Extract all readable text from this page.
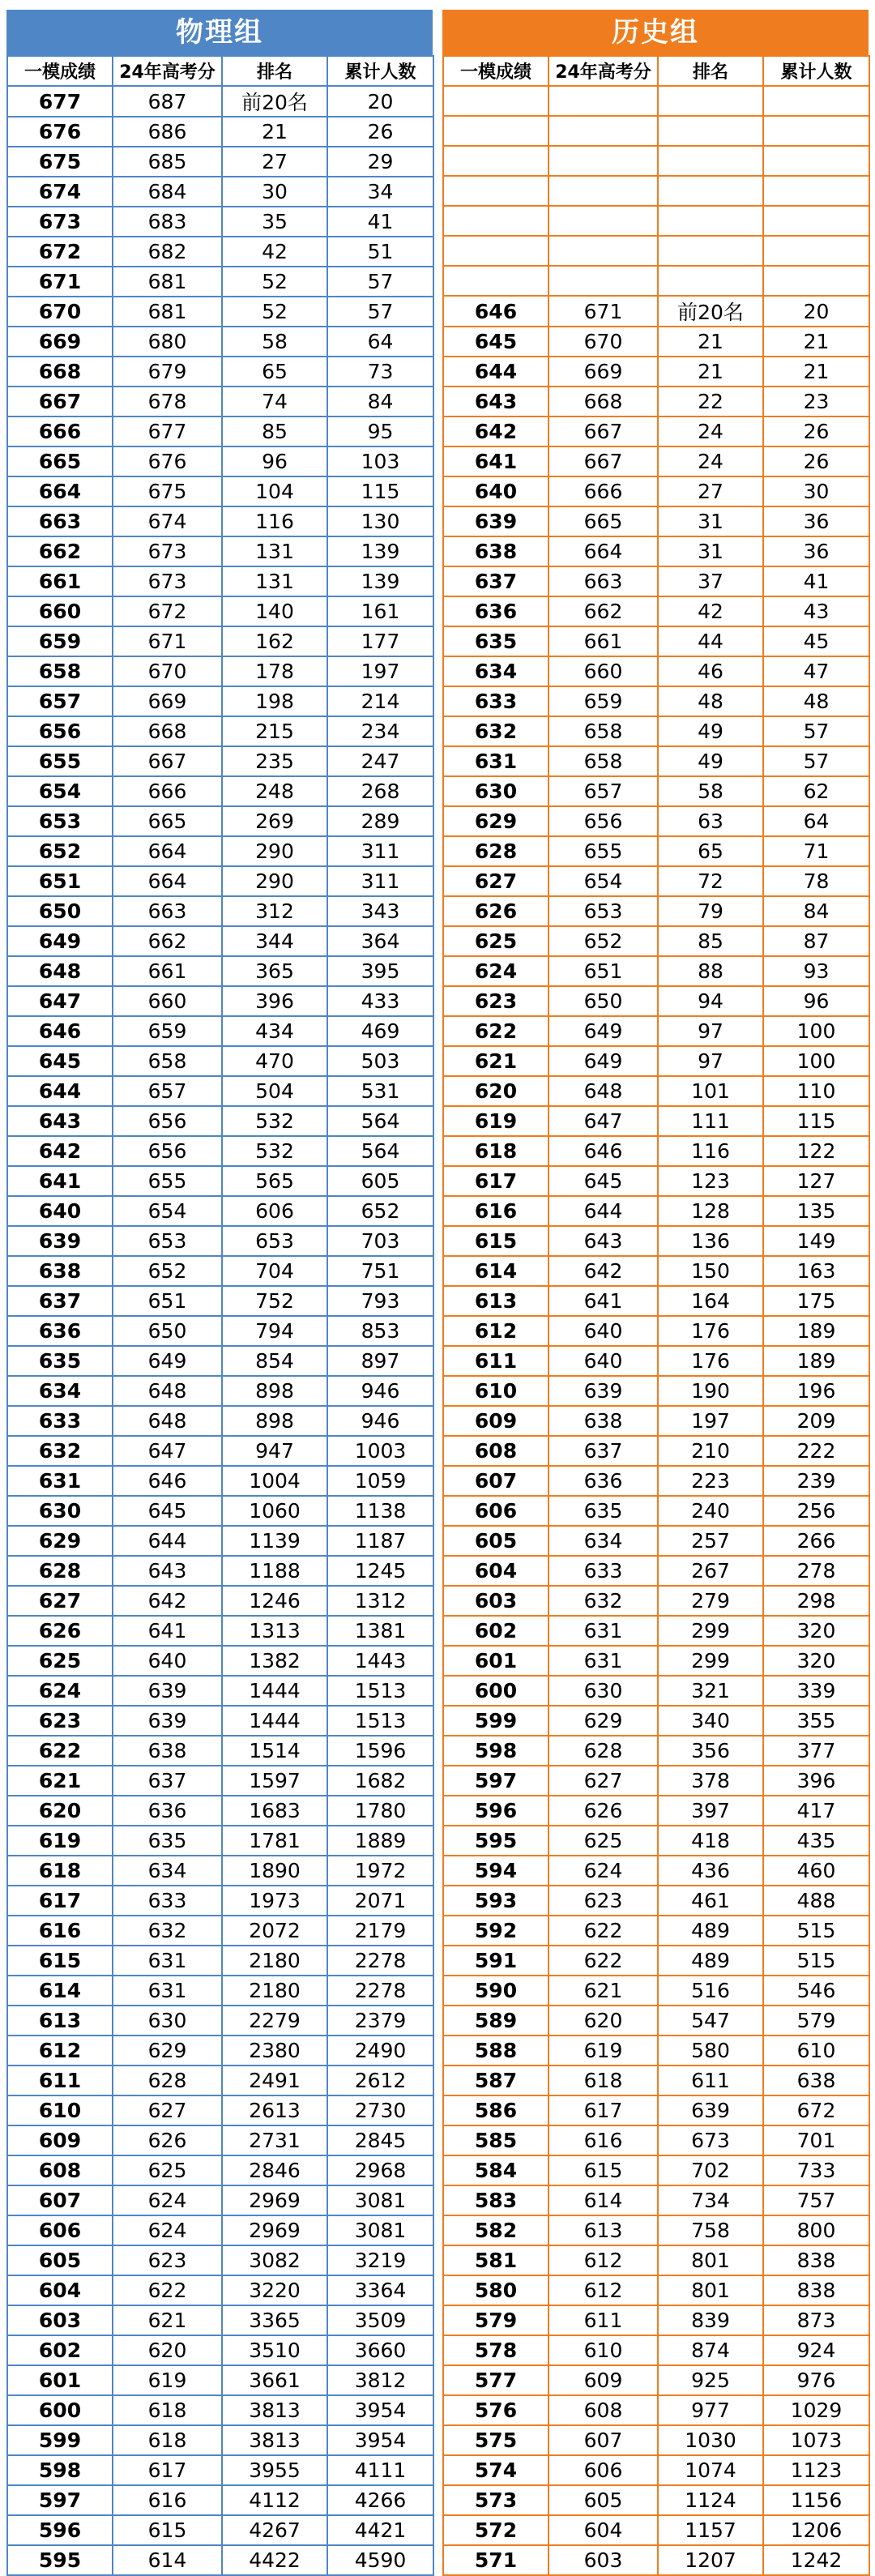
物理组
一模成绩	24年高考分	排名	累计人数
677	687	前20名	20
676	686	21	26
675	685	27	29
674	684	30	34
673	683	35	41
672	682	42	51
671	681	52	57
670	681	52	57
669	680	58	64
668	679	65	73
667	678	74	84
666	677	85	95
665	676	96	103
664	675	104	115
663	674	116	130
662	673	131	139
661	673	131	139
660	672	140	161
659	671	162	177
658	670	178	197
657	669	198	214
656	668	215	234
655	667	235	247
654	666	248	268
653	665	269	289
652	664	290	311
651	664	290	311
650	663	312	343
649	662	344	364
648	661	365	395
647	660	396	433
646	659	434	469
645	658	470	503
644	657	504	531
643	656	532	564
642	656	532	564
641	655	565	605
640	654	606	652
639	653	653	703
638	652	704	751
637	651	752	793
636	650	794	853
635	649	854	897
634	648	898	946
633	648	898	946
632	647	947	1003
631	646	1004	1059
630	645	1060	1138
629	644	1139	1187
628	643	1188	1245
627	642	1246	1312
626	641	1313	1381
625	640	1382	1443
624	639	1444	1513
623	639	1444	1513
622	638	1514	1596
621	637	1597	1682
620	636	1683	1780
619	635	1781	1889
618	634	1890	1972
617	633	1973	2071
616	632	2072	2179
615	631	2180	2278
614	631	2180	2278
613	630	2279	2379
612	629	2380	2490
611	628	2491	2612
610	627	2613	2730
609	626	2731	2845
608	625	2846	2968
607	624	2969	3081
606	624	2969	3081
605	623	3082	3219
604	622	3220	3364
603	621	3365	3509
602	620	3510	3660
601	619	3661	3812
600	618	3813	3954
599	618	3813	3954
598	617	3955	4111
597	616	4112	4266
596	615	4267	4421
595	614	4422	4590
历史组
一模成绩	24年高考分	排名	累计人数

646	671	前20名	20
645	670	21	21
644	669	21	21
643	668	22	23
642	667	24	26
641	667	24	26
640	666	27	30
639	665	31	36
638	664	31	36
637	663	37	41
636	662	42	43
635	661	44	45
634	660	46	47
633	659	48	48
632	658	49	57
631	658	49	57
630	657	58	62
629	656	63	64
628	655	65	71
627	654	72	78
626	653	79	84
625	652	85	87
624	651	88	93
623	650	94	96
622	649	97	100
621	649	97	100
620	648	101	110
619	647	111	115
618	646	116	122
617	645	123	127
616	644	128	135
615	643	136	149
614	642	150	163
613	641	164	175
612	640	176	189
611	640	176	189
610	639	190	196
609	638	197	209
608	637	210	222
607	636	223	239
606	635	240	256
605	634	257	266
604	633	267	278
603	632	279	298
602	631	299	320
601	631	299	320
600	630	321	339
599	629	340	355
598	628	356	377
597	627	378	396
596	626	397	417
595	625	418	435
594	624	436	460
593	623	461	488
592	622	489	515
591	622	489	515
590	621	516	546
589	620	547	579
588	619	580	610
587	618	611	638
586	617	639	672
585	616	673	701
584	615	702	733
583	614	734	757
582	613	758	800
581	612	801	838
580	612	801	838
579	611	839	873
578	610	874	924
577	609	925	976
576	608	977	1029
575	607	1030	1073
574	606	1074	1123
573	605	1124	1156
572	604	1157	1206
571	603	1207	1242
